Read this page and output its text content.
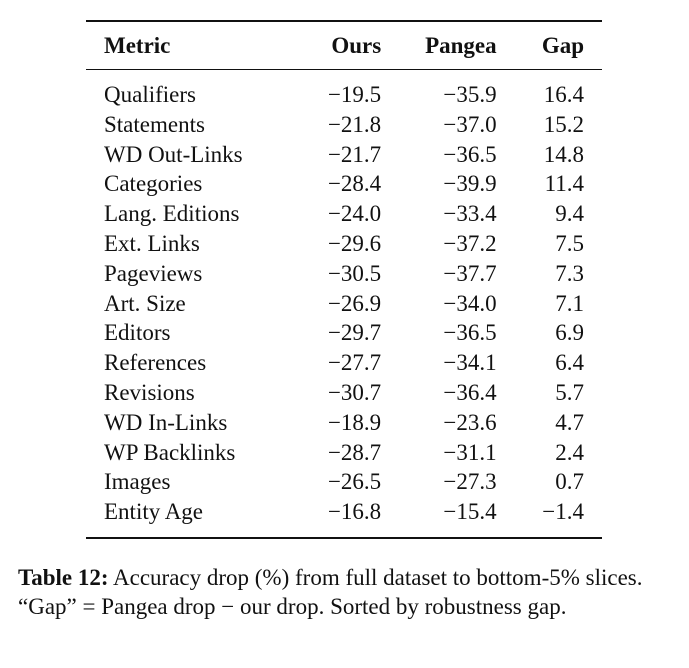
Metric	Ours	Pangea	Gap
Qualifiers	−19.5	−35.9	16.4
Statements	−21.8	−37.0	15.2
WD Out-Links	−21.7	−36.5	14.8
Categories	−28.4	−39.9	11.4
Lang. Editions	−24.0	−33.4	9.4
Ext. Links	−29.6	−37.2	7.5
Pageviews	−30.5	−37.7	7.3
Art. Size	−26.9	−34.0	7.1
Editors	−29.7	−36.5	6.9
References	−27.7	−34.1	6.4
Revisions	−30.7	−36.4	5.7
WD In-Links	−18.9	−23.6	4.7
WP Backlinks	−28.7	−31.1	2.4
Images	−26.5	−27.3	0.7
Entity Age	−16.8	−15.4	−1.4
Table 12: Accuracy drop (%) from full dataset to bottom-5% slices. “Gap” = Pangea drop − our drop. Sorted by robustness gap.
